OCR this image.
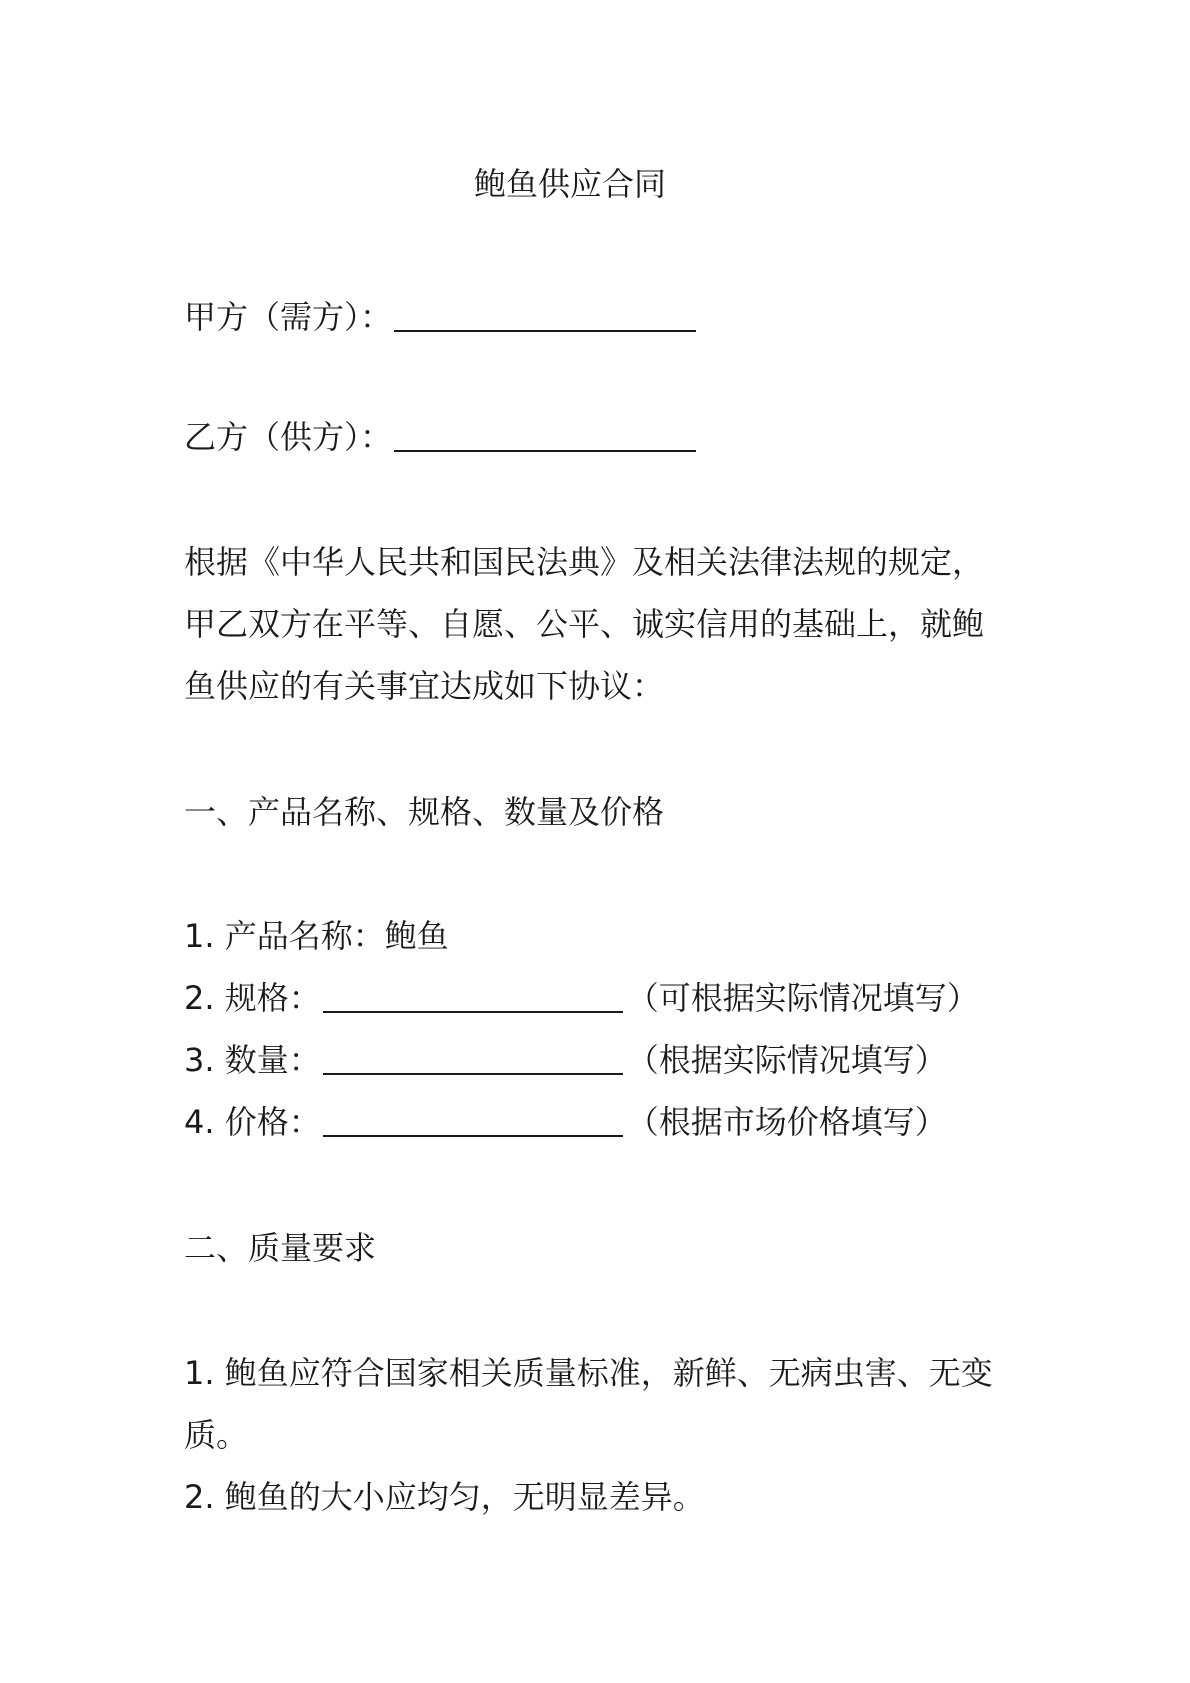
鲍鱼供应合同
甲方（需方）：
乙方（供方）：
根据《中华人民共和国民法典》及相关法律法规的规定，
甲乙双方在平等、自愿、公平、诚实信用的基础上，就鲍
鱼供应的有关事宜达成如下协议：
一、产品名称、规格、数量及价格
1. 产品名称：鲍鱼
2. 规格：	（可根据实际情况填写）
3. 数量：	（根据实际情况填写）
4. 价格：	（根据市场价格填写）
二、质量要求
1. 鲍鱼应符合国家相关质量标准，新鲜、无病虫害、无变
质。
2. 鲍鱼的大小应均匀，无明显差异。
